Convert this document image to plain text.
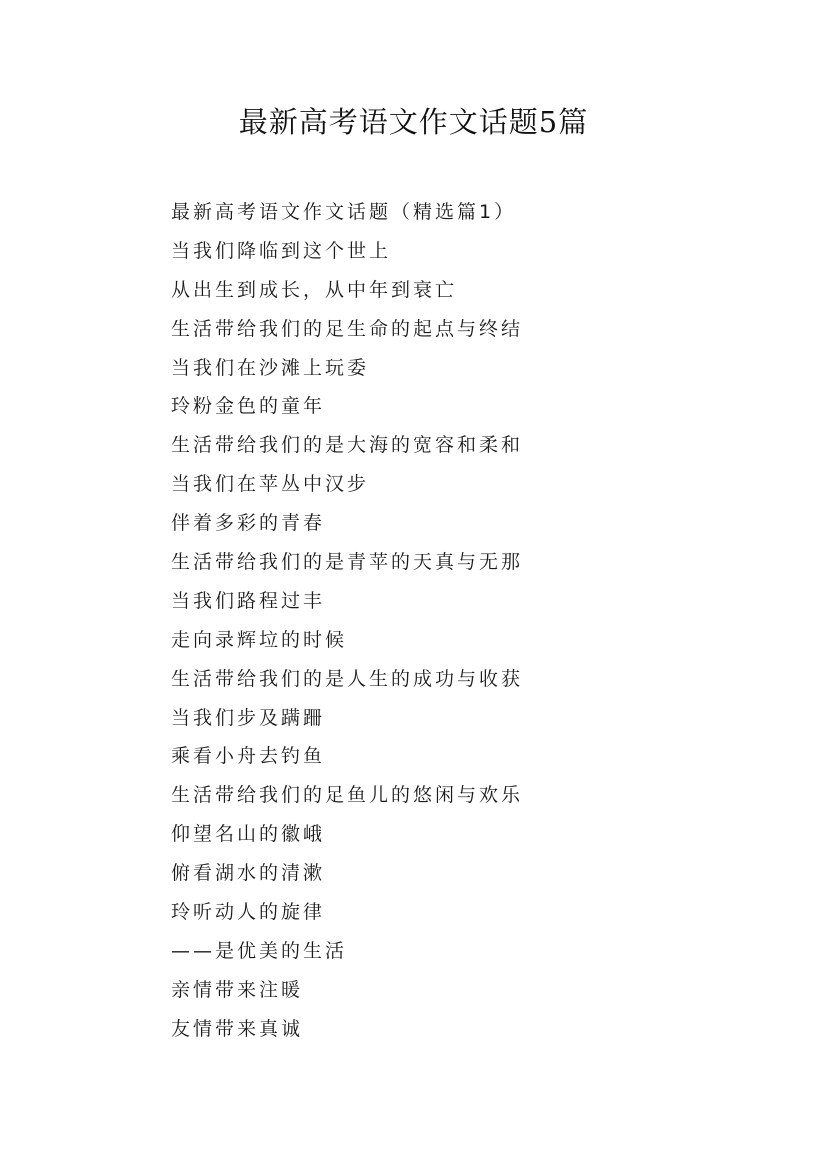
最新高考语文作文话题5篇
最新高考语文作文话题（精选篇1）
当我们降临到这个世上
从出生到成长，从中年到衰亡
生活带给我们的足生命的起点与终结
当我们在沙滩上玩委
玲粉金色的童年
生活带给我们的是大海的宽容和柔和
当我们在苹丛中汉步
伴着多彩的青春
生活带给我们的是青苹的天真与无那
当我们路程过丰
走向录辉垃的时候
生活带给我们的是人生的成功与收获
当我们步及蹒跚
乘看小舟去钓鱼
生活带给我们的足鱼儿的悠闲与欢乐
仰望名山的徽峨
俯看湖水的清漱
玲听动人的旋律
——是优美的生活
亲情带来注暖
友情带来真诚
